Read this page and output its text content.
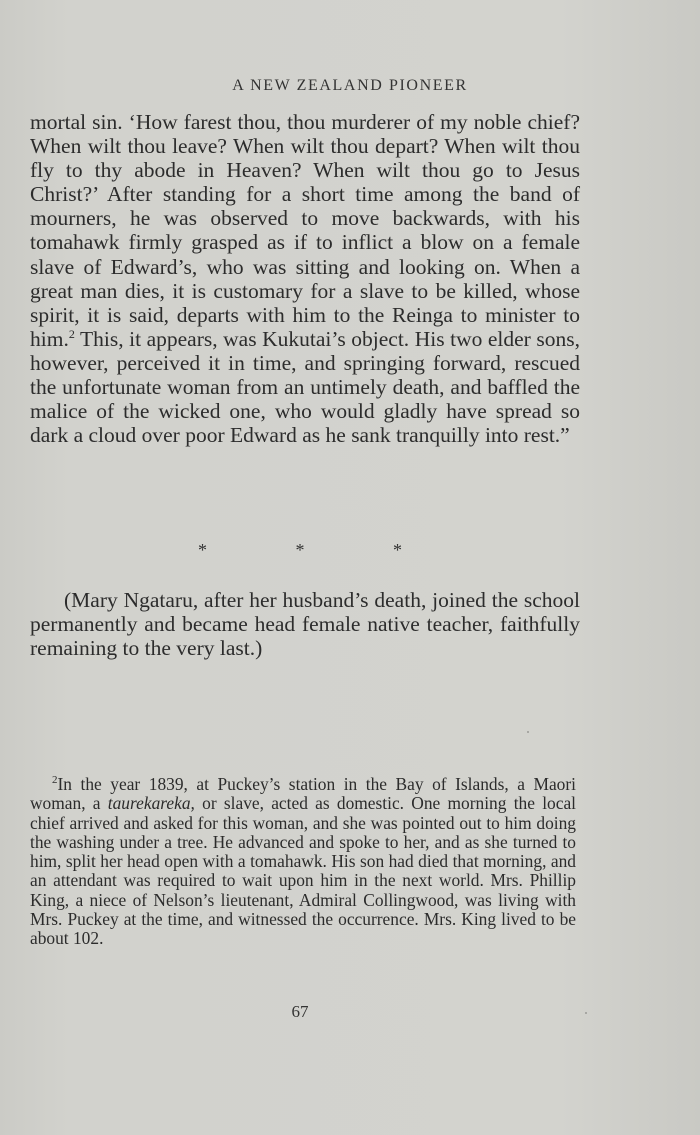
A NEW ZEALAND PIONEER

mortal sin. ‘How farest thou, thou murderer of my noble chief? When wilt thou leave? When wilt thou depart? When wilt thou fly to thy abode in Heaven? When wilt thou go to Jesus Christ?’ After standing for a short time among the band of mourners, he was observed to move backwards, with his tomahawk firmly grasped as if to inflict a blow on a female slave of Edward’s, who was sitting and looking on. When a great man dies, it is customary for a slave to be killed, whose spirit, it is said, departs with him to the Reinga to minister to him.$^2$ This, it appears, was Kukutai’s object. His two elder sons, however, perceived it in time, and springing forward, rescued the unfortunate woman from an untimely death, and baffled the malice of the wicked one, who would gladly have spread so dark a cloud over poor Edward as he sank tranquilly into rest.”

*	*	*

(Mary Ngataru, after her husband’s death, joined the school permanently and became head female native teacher, faithfully remaining to the very last.)

$^2$In the year 1839, at Puckey’s station in the Bay of Islands, a Maori woman, a taurekareka, or slave, acted as domestic. One morning the local chief arrived and asked for this woman, and she was pointed out to him doing the washing under a tree. He advanced and spoke to her, and as she turned to him, split her head open with a tomahawk. His son had died that morning, and an attendant was required to wait upon him in the next world. Mrs. Phillip King, a niece of Nelson’s lieutenant, Admiral Collingwood, was living with Mrs. Puckey at the time, and witnessed the occurrence. Mrs. King lived to be about 102.

67
